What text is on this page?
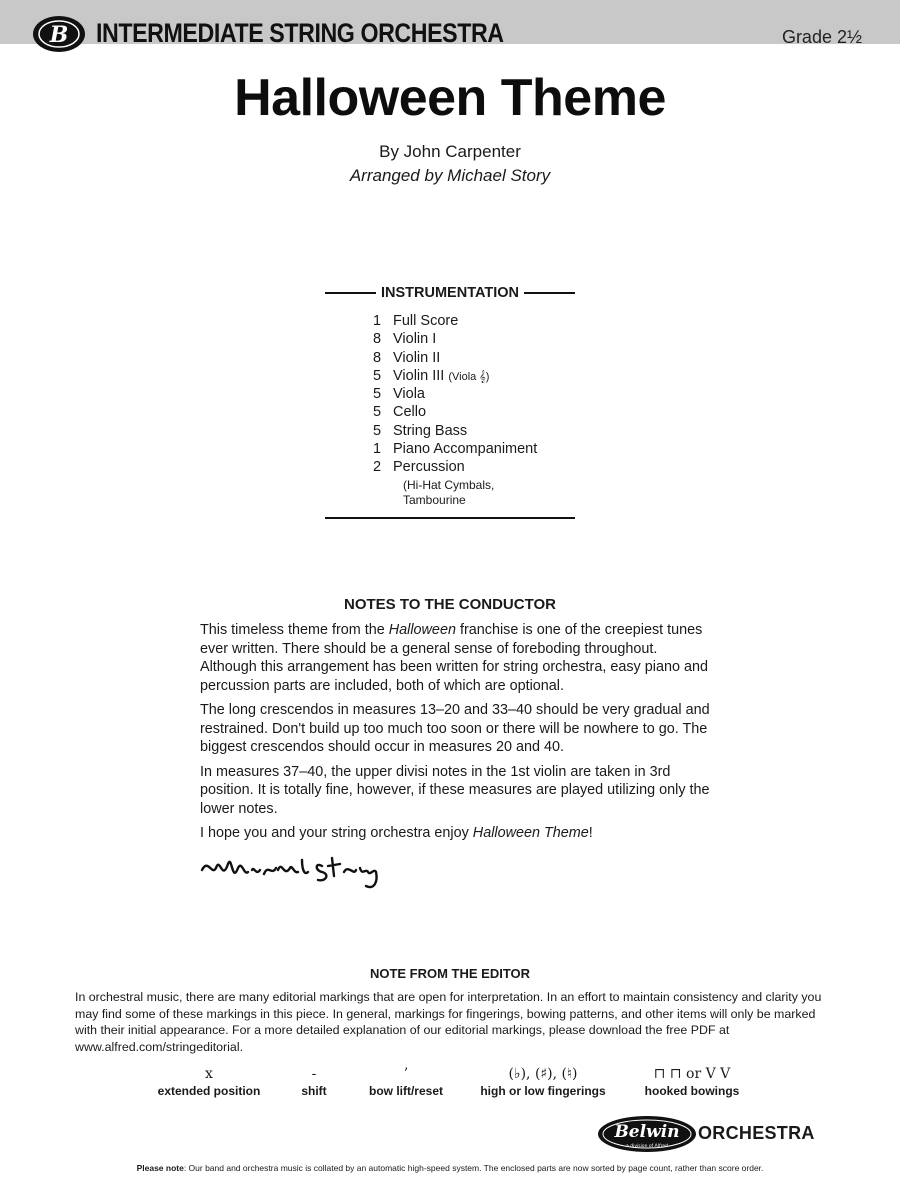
B INTERMEDIATE STRING ORCHESTRA	Grade 2½
Halloween Theme
By John Carpenter
Arranged by Michael Story
INSTRUMENTATION
1 Full Score
8 Violin I
8 Violin II
5 Violin III (Viola 𝄞)
5 Viola
5 Cello
5 String Bass
1 Piano Accompaniment
2 Percussion
(Hi-Hat Cymbals,
Tambourine
NOTES TO THE CONDUCTOR

This timeless theme from the Halloween franchise is one of the creepiest tunes ever written. There should be a general sense of foreboding throughout. Although this arrangement has been written for string orchestra, easy piano and percussion parts are included, both of which are optional.

The long crescendos in measures 13–20 and 33–40 should be very gradual and restrained. Don't build up too much too soon or there will be nowhere to go. The biggest crescendos should occur in measures 20 and 40.

In measures 37–40, the upper divisi notes in the 1st violin are taken in 3rd position. It is totally fine, however, if these measures are played utilizing only the lower notes.

I hope you and your string orchestra enjoy Halloween Theme!

NOTE FROM THE EDITOR
In orchestral music, there are many editorial markings that are open for interpretation. In an effort to maintain consistency and clarity you may find some of these markings in this piece. In general, markings for fingerings, bowing patterns, and other items will only be marked with their initial appearance. For a more detailed explanation of our editorial markings, please download the free PDF at www.alfred.com/stringeditorial.
x
extended position
-
shift
’
bow lift/reset
(♭), (♯), (♮)
high or low fingerings
⊓ ⊓ or V V
hooked bowings
Belwin
a division of Alfred
ORCHESTRA
Please note: Our band and orchestra music is collated by an automatic high-speed system. The enclosed parts are now sorted by page count, rather than score order.
